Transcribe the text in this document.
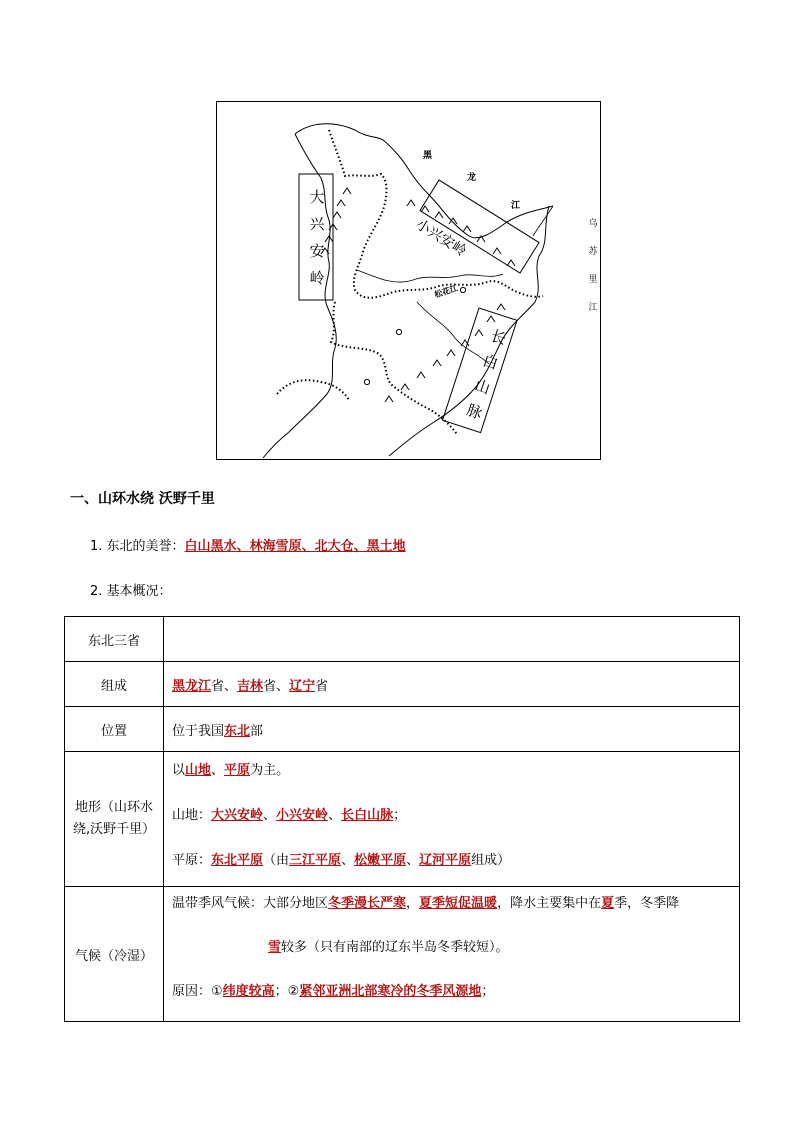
大
兴
安
岭
小兴安岭
长
白
山
脉
黑
龙
江
乌
苏
里
江
松花江
一、山环水绕 沃野千里
1. 东北的美誉：白山黑水、林海雪原、北大仓、黑土地
2. 基本概况：
东北三省	
组成	黑龙江省、吉林省、辽宁省
位置	位于我国东北部
地形（山环水绕,沃野千里）	以山地、平原为主。
山地：大兴安岭、小兴安岭、长白山脉；
平原：东北平原（由三江平原、松嫩平原、辽河平原组成）

气候（冷湿）	温带季风气候：大部分地区冬季漫长严寒，夏季短促温暖，降水主要集中在夏季，冬季降
雪较多（只有南部的辽东半岛冬季较短）。
原因：①纬度较高；②紧邻亚洲北部寒冷的冬季风源地；
